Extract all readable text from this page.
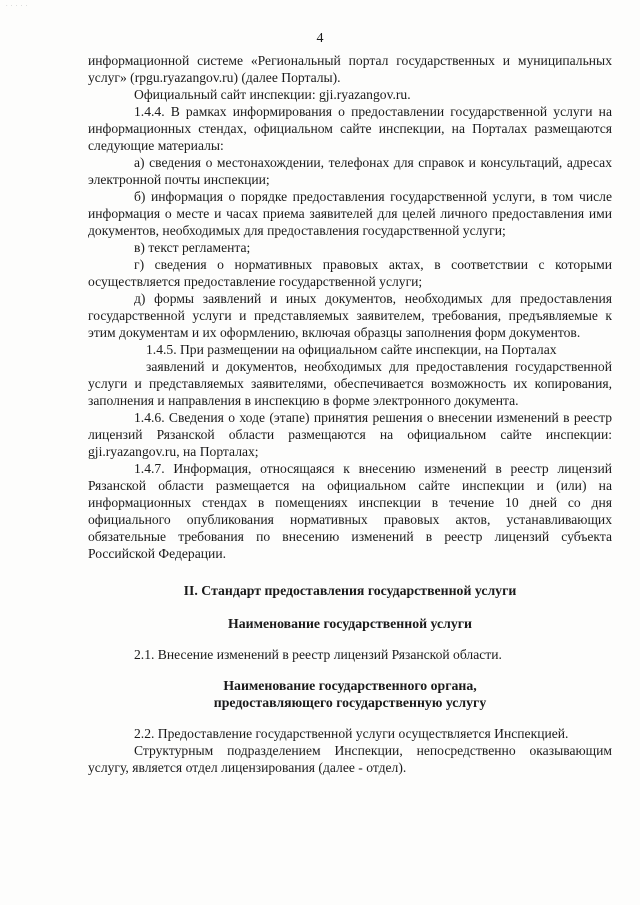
· · · · ·
4

информационной системе «Региональный портал государственных и муниципальных услуг» (rpgu.ryazangov.ru) (далее Порталы).

Официальный сайт инспекции: gji.ryazangov.ru.

1.4.4. В рамках информирования о предоставлении государственной услуги на информационных стендах, официальном сайте инспекции, на Порталах размещаются следующие материалы:

а) сведения о местонахождении, телефонах для справок и консультаций, адресах электронной почты инспекции;

б) информация о порядке предоставления государственной услуги, в том числе информация о месте и часах приема заявителей для целей личного предоставления ими документов, необходимых для предоставления государственной услуги;

в) текст регламента;

г) сведения о нормативных правовых актах, в соответствии с которыми осуществляется предоставление государственной услуги;

д) формы заявлений и иных документов, необходимых для предоставления государственной услуги и представляемых заявителем, требования, предъявляемые к этим документам и их оформлению, включая образцы заполнения форм документов.

1.4.5. При размещении на официальном сайте инспекции, на Порталах

заявлений и документов, необходимых для предоставления государственной услуги и представляемых заявителями, обеспечивается возможность их копирования, заполнения и направления в инспекцию в форме электронного документа.

1.4.6. Сведения о ходе (этапе) принятия решения о внесении изменений в реестр лицензий Рязанской области размещаются на официальном сайте инспекции: gji.ryazangov.ru, на Порталах;

1.4.7. Информация, относящаяся к внесению изменений в реестр лицензий Рязанской области размещается на официальном сайте инспекции и (или) на информационных стендах в помещениях инспекции в течение 10 дней со дня официального опубликования нормативных правовых актов, устанавливающих обязательные требования по внесению изменений в реестр лицензий субъекта Российской Федерации.

II. Стандарт предоставления государственной услуги

Наименование государственной услуги

2.1. Внесение изменений в реестр лицензий Рязанской области.

Наименование государственного органа,

предоставляющего государственную услугу

2.2. Предоставление государственной услуги осуществляется Инспекцией.

Структурным подразделением Инспекции, непосредственно оказывающим услугу, является отдел лицензирования (далее - отдел).
